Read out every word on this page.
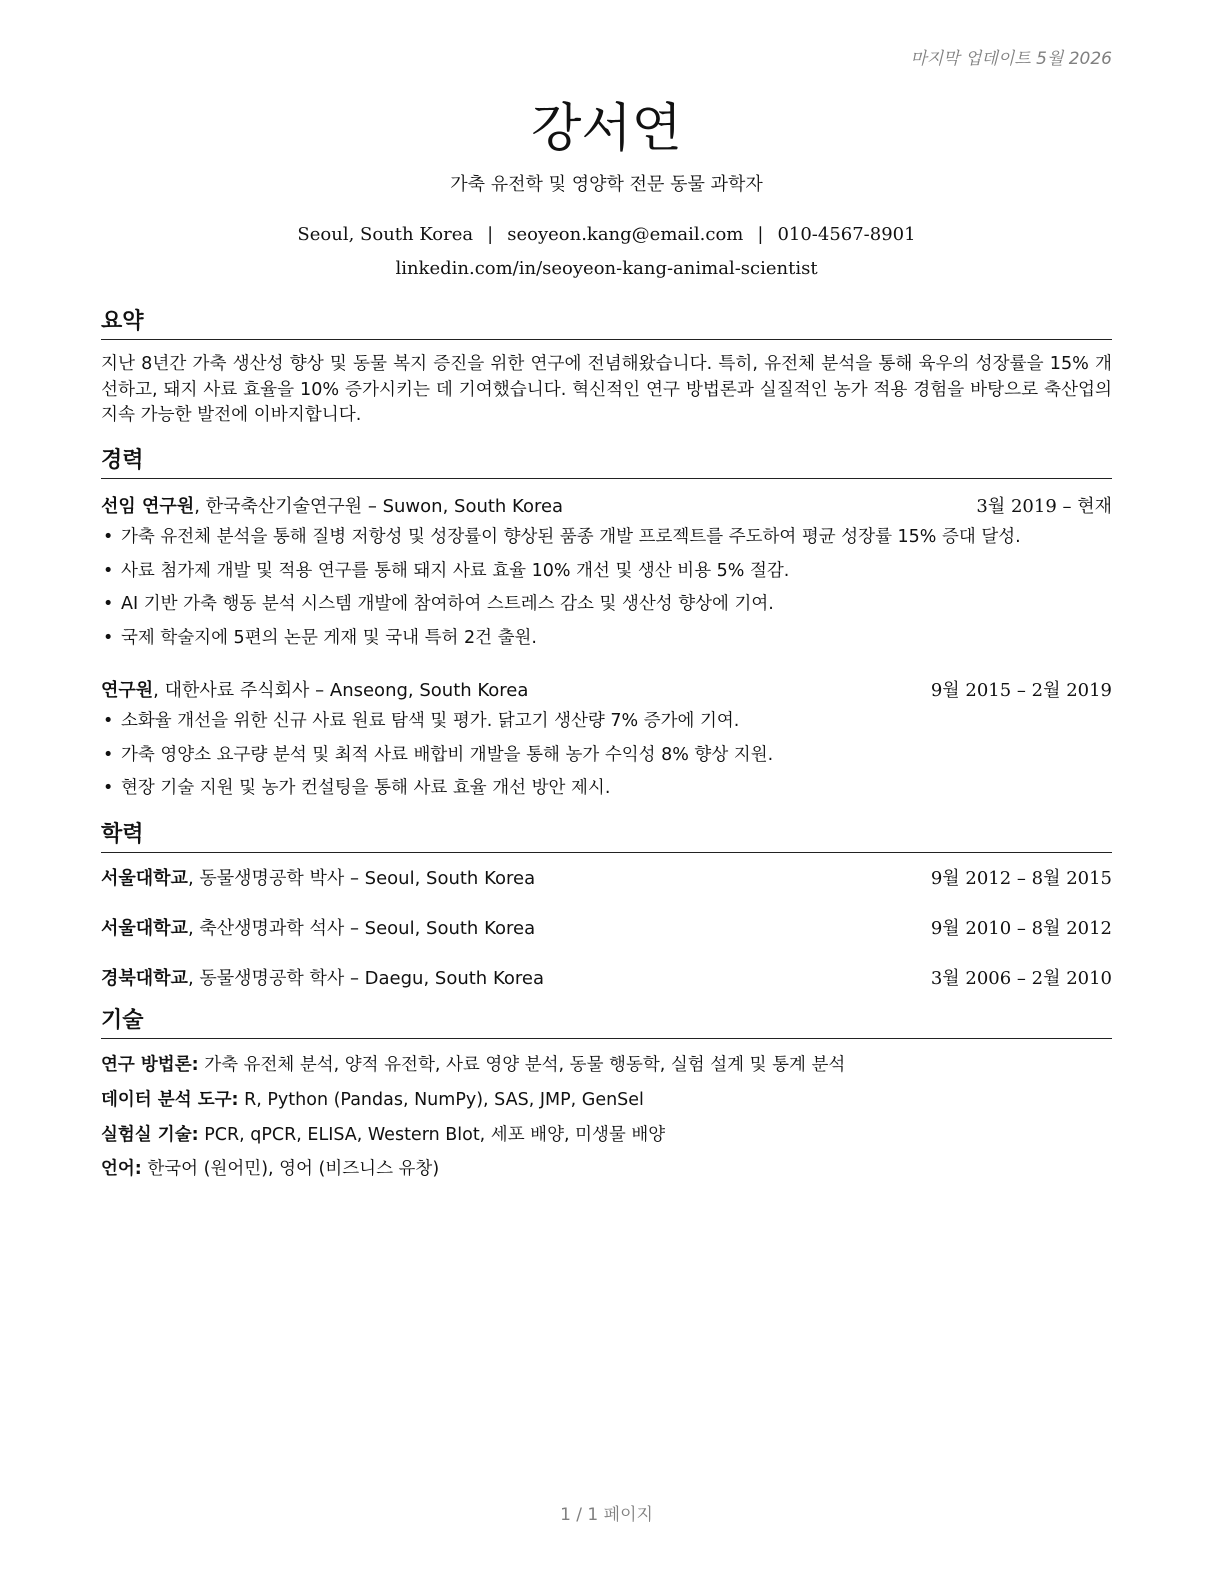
마지막 업데이트 5월 2026
강서연
가축 유전학 및 영양학 전문 동물 과학자
Seoul, South Korea | seoyeon.kang@email.com | 010-4567-8901
linkedin.com/in/seoyeon-kang-animal-scientist
요약
지난 8년간 가축 생산성 향상 및 동물 복지 증진을 위한 연구에 전념해왔습니다. 특히, 유전체 분석을 통해 육우의 성장률을 15% 개선하고, 돼지 사료 효율을 10% 증가시키는 데 기여했습니다. 혁신적인 연구 방법론과 실질적인 농가 적용 경험을 바탕으로 축산업의 지속 가능한 발전에 이바지합니다.
경력
선임 연구원, 한국축산기술연구원 – Suwon, South Korea	3월 2019 – 현재
• 가축 유전체 분석을 통해 질병 저항성 및 성장률이 향상된 품종 개발 프로젝트를 주도하여 평균 성장률 15% 증대 달성.
• 사료 첨가제 개발 및 적용 연구를 통해 돼지 사료 효율 10% 개선 및 생산 비용 5% 절감.
• AI 기반 가축 행동 분석 시스템 개발에 참여하여 스트레스 감소 및 생산성 향상에 기여.
• 국제 학술지에 5편의 논문 게재 및 국내 특허 2건 출원.
연구원, 대한사료 주식회사 – Anseong, South Korea	9월 2015 – 2월 2019
• 소화율 개선을 위한 신규 사료 원료 탐색 및 평가. 닭고기 생산량 7% 증가에 기여.
• 가축 영양소 요구량 분석 및 최적 사료 배합비 개발을 통해 농가 수익성 8% 향상 지원.
• 현장 기술 지원 및 농가 컨설팅을 통해 사료 효율 개선 방안 제시.
학력
서울대학교, 동물생명공학 박사 – Seoul, South Korea	9월 2012 – 8월 2015
서울대학교, 축산생명과학 석사 – Seoul, South Korea	9월 2010 – 8월 2012
경북대학교, 동물생명공학 학사 – Daegu, South Korea	3월 2006 – 2월 2010
기술
연구 방법론: 가축 유전체 분석, 양적 유전학, 사료 영양 분석, 동물 행동학, 실험 설계 및 통계 분석
데이터 분석 도구: R, Python (Pandas, NumPy), SAS, JMP, GenSel
실험실 기술: PCR, qPCR, ELISA, Western Blot, 세포 배양, 미생물 배양
언어: 한국어 (원어민), 영어 (비즈니스 유창)
1 / 1 페이지
